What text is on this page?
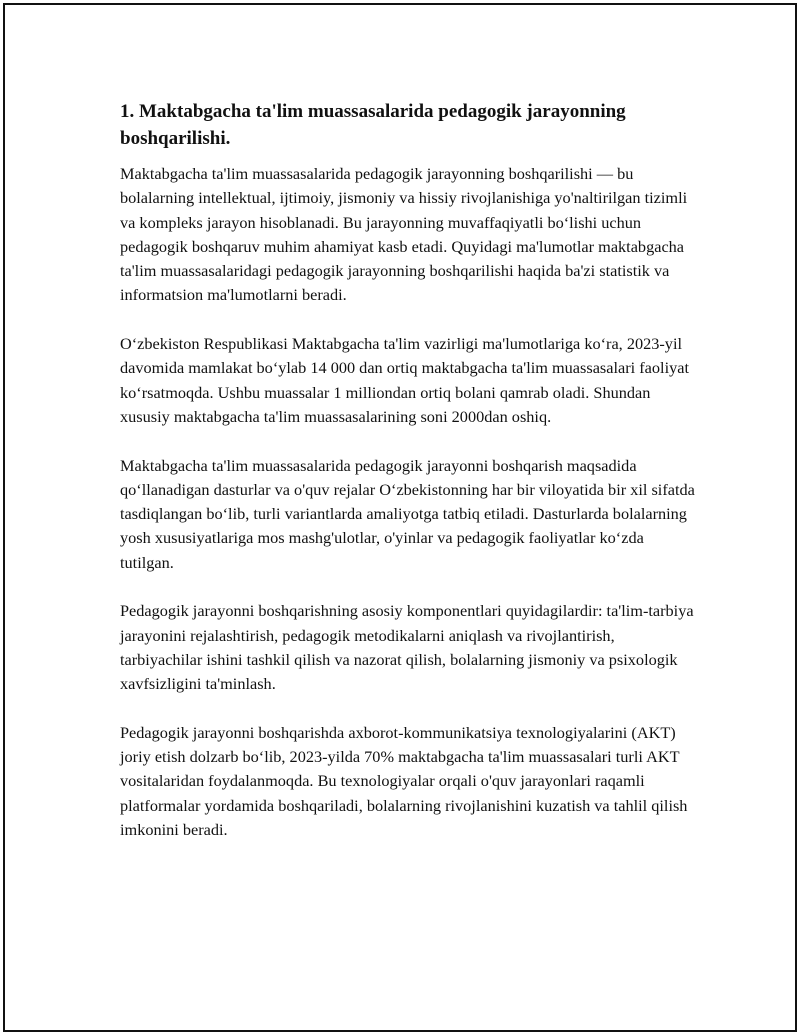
1. Maktabgacha ta'lim muassasalarida pedagogik jarayonning boshqarilishi.

Maktabgacha ta'lim muassasalarida pedagogik jarayonning boshqarilishi — bu bolalarning intellektual, ijtimoiy, jismoniy va hissiy rivojlanishiga yo'naltirilgan tizimli va kompleks jarayon hisoblanadi. Bu jarayonning muvaffaqiyatli boʻlishi uchun pedagogik boshqaruv muhim ahamiyat kasb etadi. Quyidagi ma'lumotlar maktabgacha ta'lim muassasalaridagi pedagogik jarayonning boshqarilishi haqida ba'zi statistik va informatsion ma'lumotlarni beradi.

Oʻzbekiston Respublikasi Maktabgacha ta'lim vazirligi ma'lumotlariga koʻra, 2023-yil davomida mamlakat boʻylab 14 000 dan ortiq maktabgacha ta'lim muassasalari faoliyat koʻrsatmoqda. Ushbu muassalar 1 milliondan ortiq bolani qamrab oladi. Shundan xususiy maktabgacha ta'lim muassasalarining soni 2000dan oshiq.

Maktabgacha ta'lim muassasalarida pedagogik jarayonni boshqarish maqsadida qoʻllanadigan dasturlar va o'quv rejalar Oʻzbekistonning har bir viloyatida bir xil sifatda tasdiqlangan boʻlib, turli variantlarda amaliyotga tatbiq etiladi. Dasturlarda bolalarning yosh xususiyatlariga mos mashg'ulotlar, o'yinlar va pedagogik faoliyatlar koʻzda tutilgan.

Pedagogik jarayonni boshqarishning asosiy komponentlari quyidagilardir: ta'lim-tarbiya jarayonini rejalashtirish, pedagogik metodikalarni aniqlash va rivojlantirish, tarbiyachilar ishini tashkil qilish va nazorat qilish, bolalarning jismoniy va psixologik xavfsizligini ta'minlash.

Pedagogik jarayonni boshqarishda axborot-kommunikatsiya texnologiyalarini (AKT) joriy etish dolzarb boʻlib, 2023-yilda 70% maktabgacha ta'lim muassasalari turli AKT vositalaridan foydalanmoqda. Bu texnologiyalar orqali o'quv jarayonlari raqamli platformalar yordamida boshqariladi, bolalarning rivojlanishini kuzatish va tahlil qilish imkonini beradi.
